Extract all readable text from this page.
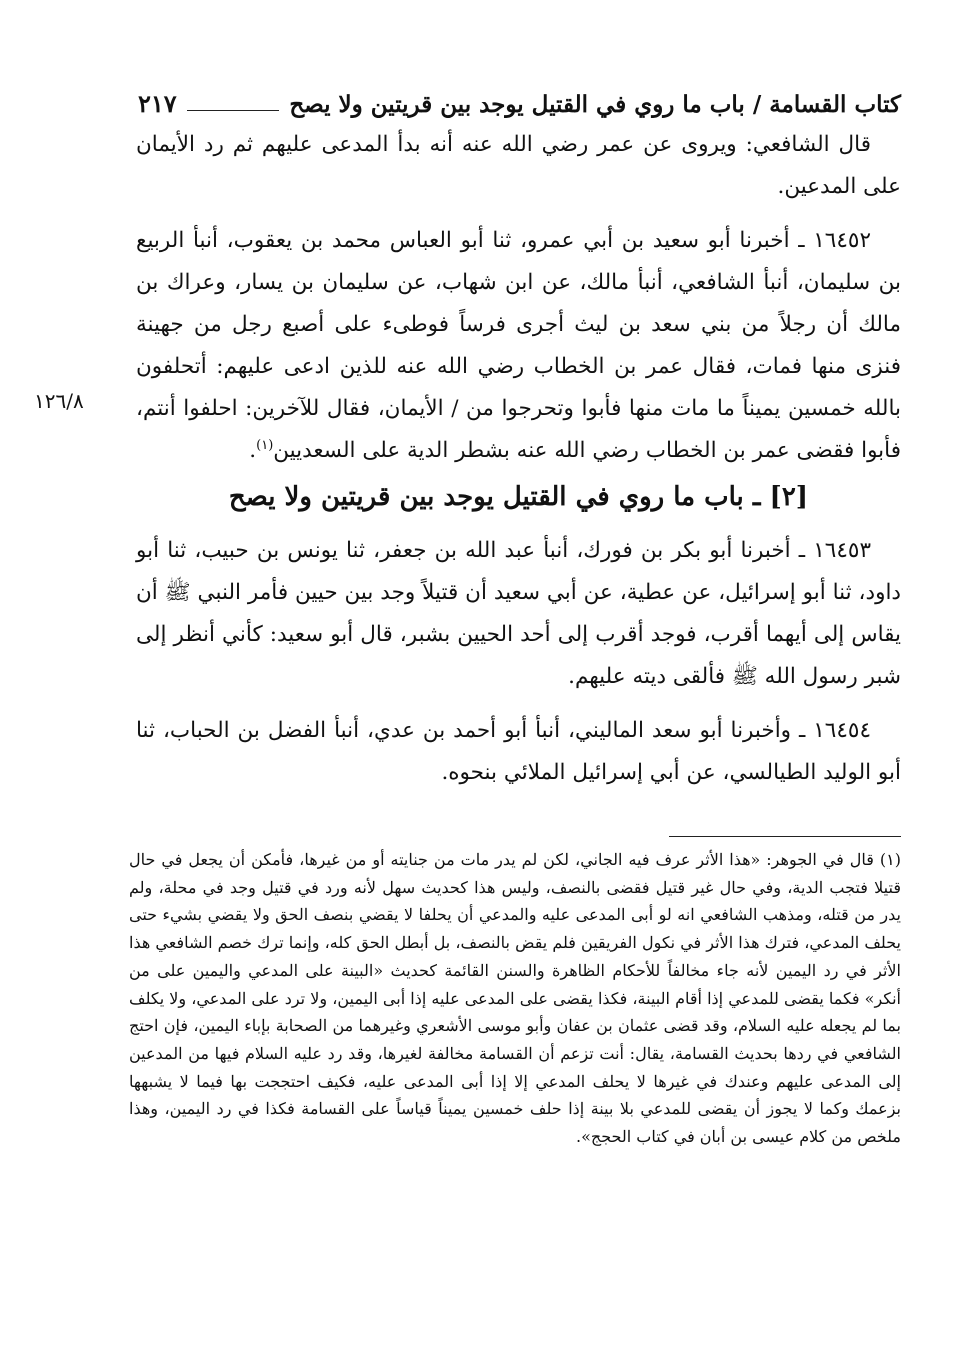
كتاب القسامة / باب ما روي في القتيل يوجد بين قريتين ولا يصح
٢١٧

قال الشافعي: ويروى عن عمر رضي الله عنه أنه بدأ المدعى عليهم ثم رد الأيمان على المدعين.

١٦٤٥٢ ـ أخبرنا أبو سعيد بن أبي عمرو، ثنا أبو العباس محمد بن يعقوب، أنبأ الربيع بن سليمان، أنبأ الشافعي، أنبأ مالك، عن ابن شهاب، عن سليمان بن يسار، وعراك بن مالك أن رجلاً من بني سعد بن ليث أجرى فرساً فوطىء على أصبع رجل من جهينة فنزى منها فمات، فقال عمر بن الخطاب رضي الله عنه للذين ادعى عليهم: أتحلفون بالله خمسين يميناً ما مات منها فأبوا وتحرجوا من / الأيمان، فقال للآخرين: احلفوا أنتم، فأبوا فقضى عمر بن الخطاب رضي الله عنه بشطر الدية على السعديين$^{(١)}$.

١٢٦/٨
[٢] ـ باب ما روي في القتيل يوجد بين قريتين ولا يصح

١٦٤٥٣ ـ أخبرنا أبو بكر بن فورك، أنبأ عبد الله بن جعفر، ثنا يونس بن حبيب، ثنا أبو داود، ثنا أبو إسرائيل، عن عطية، عن أبي سعيد أن قتيلاً وجد بين حيين فأمر النبي ﷺ أن يقاس إلى أيهما أقرب، فوجد أقرب إلى أحد الحيين بشبر، قال أبو سعيد: كأني أنظر إلى شبر رسول الله ﷺ فألقى ديته عليهم.

١٦٤٥٤ ـ وأخبرنا أبو سعد الماليني، أنبأ أبو أحمد بن عدي، أنبأ الفضل بن الحباب، ثنا أبو الوليد الطيالسي، عن أبي إسرائيل الملائي بنحوه.

(١) قال في الجوهر: «هذا الأثر عرف فيه الجاني، لكن لم يدر مات من جنايته أو من غيرها، فأمكن أن يجعل في حال قتيلا فتجب الدية، وفي حال غير قتيل فقضى بالنصف، وليس هذا كحديث سهل لأنه ورد في قتيل وجد في محلة، ولم يدر من قتله، ومذهب الشافعي انه لو أبى المدعى عليه والمدعي أن يحلفا لا يقضي بنصف الحق ولا يقضي بشيء حتى يحلف المدعي، فترك هذا الأثر في نكول الفريقين فلم يقض بالنصف، بل أبطل الحق كله، وإنما ترك خصم الشافعي هذا الأثر في رد اليمين لأنه جاء مخالفاً للأحكام الظاهرة والسنن القائمة كحديث «البينة على المدعي واليمين على من أنكر» فكما يقضى للمدعي إذا أقام البينة، فكذا يقضى على المدعى عليه إذا أبى اليمين، ولا ترد على المدعي، ولا يكلف بما لم يجعله عليه السلام، وقد قضى عثمان بن عفان وأبو موسى الأشعري وغيرهما من الصحابة بإباء اليمين، فإن احتج الشافعي في ردها بحديث القسامة، يقال: أنت تزعم أن القسامة مخالفة لغيرها، وقد رد عليه السلام فيها من المدعين إلى المدعى عليهم وعندك في غيرها لا يحلف المدعي إلا إذا أبى المدعى عليه، فكيف احتججت بها فيما لا يشبهها بزعمك وكما لا يجوز أن يقضى للمدعي بلا بينة إذا حلف خمسين يميناً قياساً على القسامة فكذا في رد اليمين، وهذا ملخص من كلام عيسى بن أبان في كتاب الحجج».
